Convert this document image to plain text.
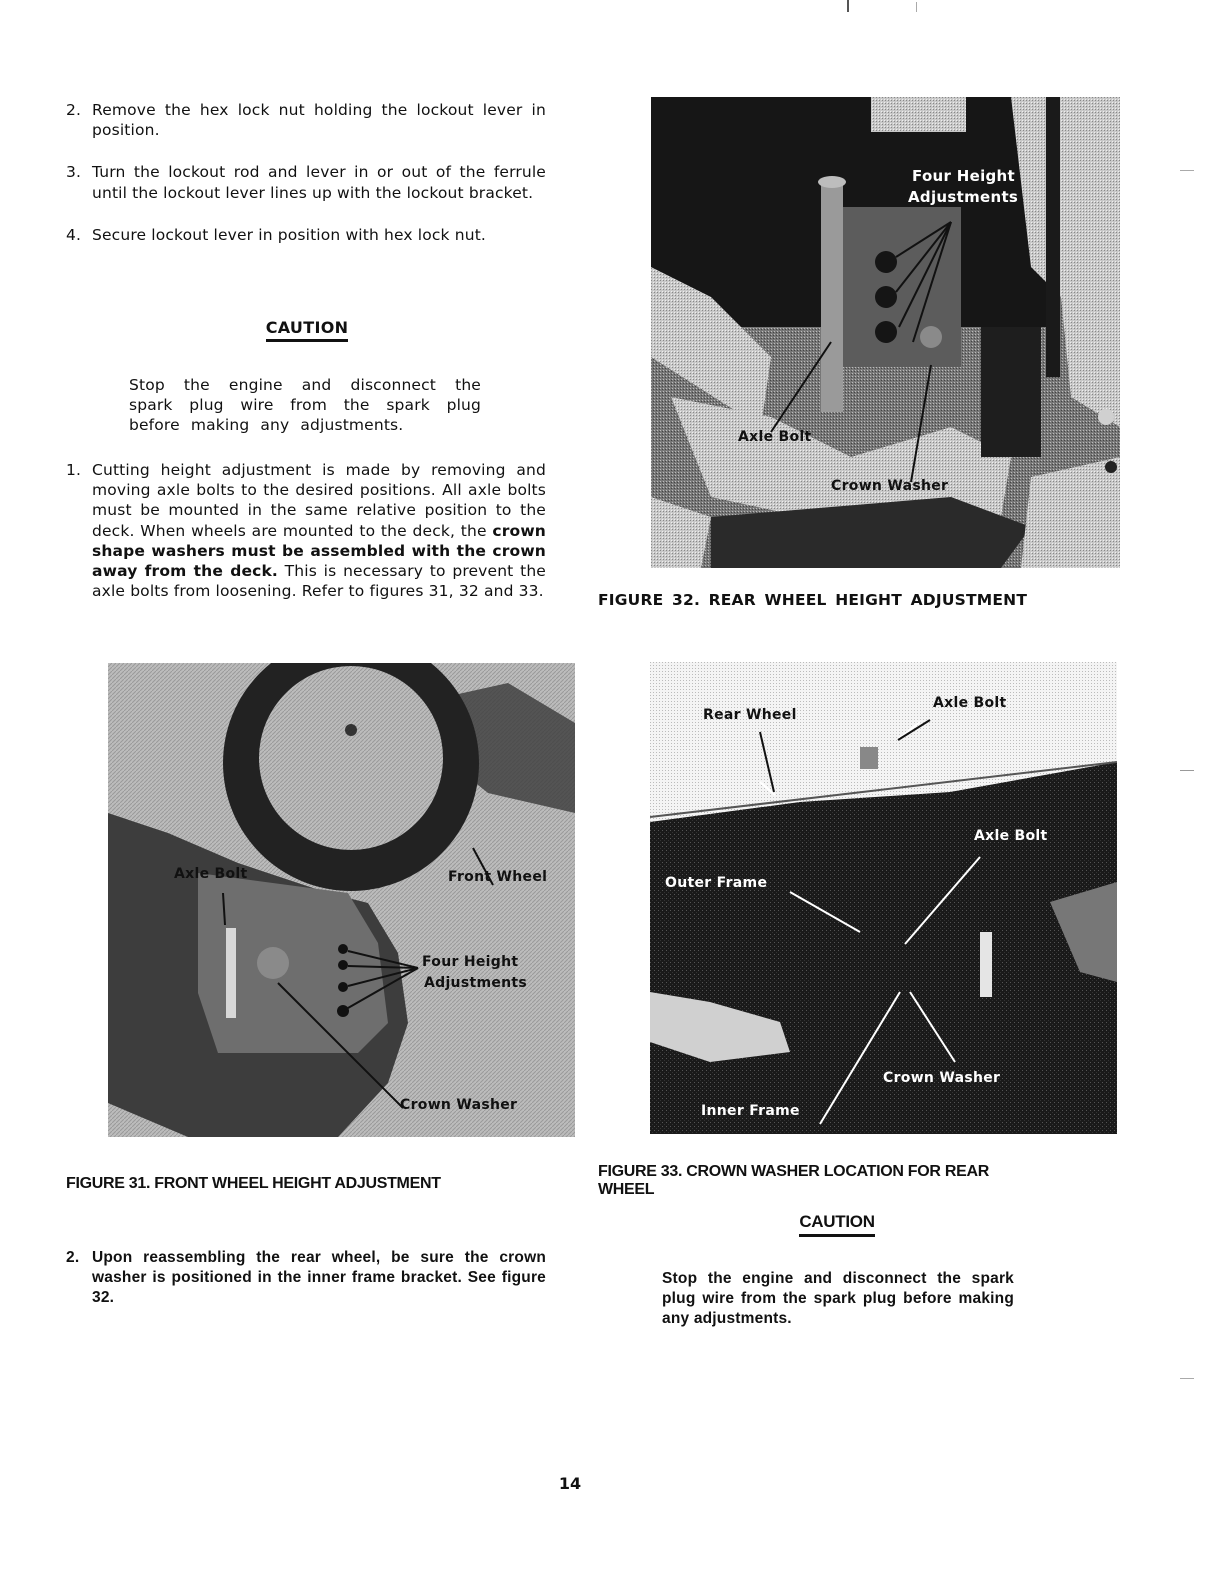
2. Remove the hex lock nut holding the lockout lever in position.
3. Turn the lockout rod and lever in or out of the ferrule until the lockout lever lines up with the lockout bracket.
4. Secure lockout lever in position with hex lock nut.
CAUTION
Stop the engine and disconnect the spark plug wire from the spark plug before making any adjustments.
1. Cutting height adjustment is made by removing and moving axle bolts to the desired positions. All axle bolts must be mounted in the same relative position to the deck. When wheels are mounted to the deck, the crown shape washers must be assembled with the crown away from the deck. This is necessary to prevent the axle bolts from loosening. Refer to figures 31, 32 and 33.
Four Height
Adjustments
Axle Bolt
Crown Washer
FIGURE 32. REAR WHEEL HEIGHT ADJUSTMENT
Axle Bolt	Front Wheel
Four Height
Adjustments
Crown Washer
FIGURE 31. FRONT WHEEL HEIGHT ADJUSTMENT
Rear Wheel
Axle Bolt
Axle Bolt
Outer Frame
Crown Washer
Inner Frame
FIGURE 33. CROWN WASHER LOCATION FOR REAR
WHEEL
CAUTION
Stop the engine and disconnect the spark plug wire from the spark plug before making any adjustments.
2. Upon reassembling the rear wheel, be sure the crown washer is positioned in the inner frame bracket. See figure 32.
14
